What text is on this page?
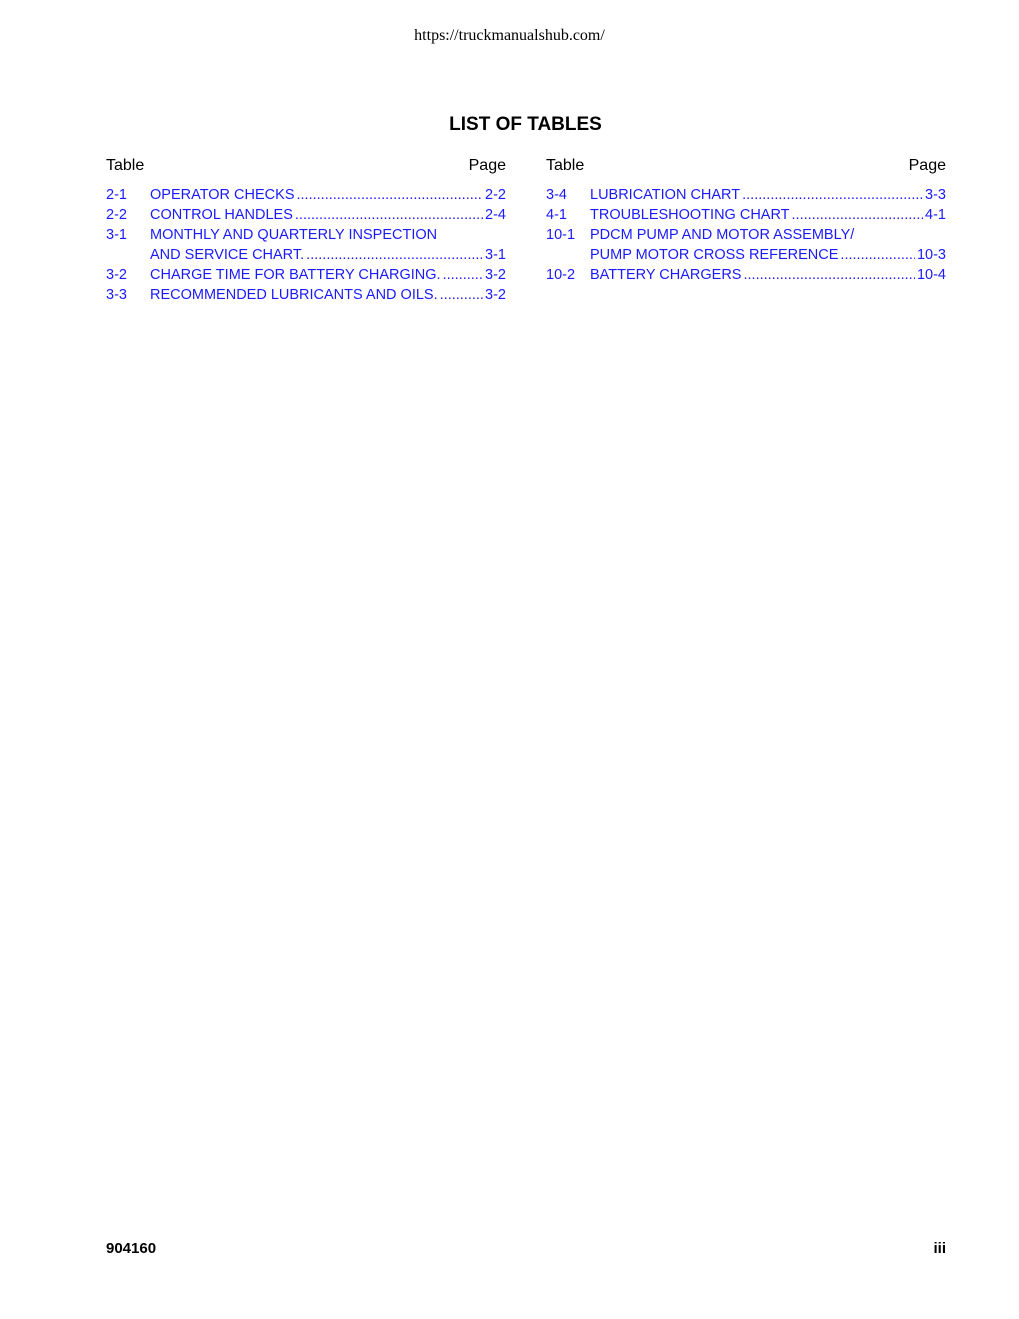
https://truckmanualshub.com/
LIST OF TABLES
Table	Page
2-1	OPERATOR CHECKS .....	2-2
2-2	CONTROL HANDLES .....	2-4
3-1	MONTHLY AND QUARTERLY INSPECTION
AND SERVICE CHART. .....	3-1
3-2	CHARGE TIME FOR BATTERY CHARGING. .....	3-2
3-3	RECOMMENDED LUBRICANTS AND OILS. .....	3-2
Table	Page
3-4	LUBRICATION CHART .....	3-3
4-1	TROUBLESHOOTING CHART .....	4-1
10-1	PDCM PUMP AND MOTOR ASSEMBLY/
PUMP MOTOR CROSS REFERENCE .....	10-3
10-2	BATTERY CHARGERS .....	10-4
904160	iii
